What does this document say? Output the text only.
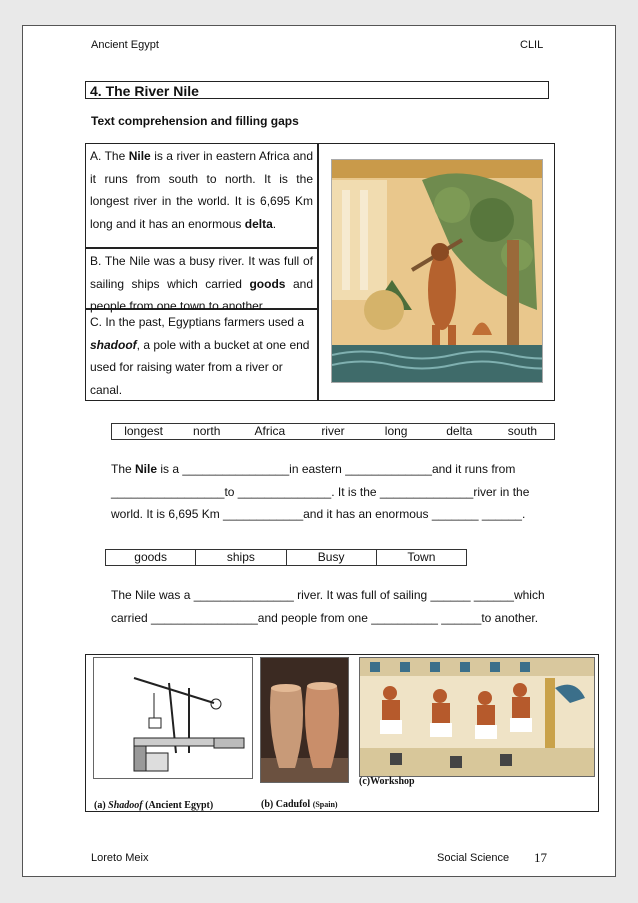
Ancient Egypt	CLIL
4. The River Nile
Text comprehension and filling gaps
A. The Nile is a river in eastern Africa and it runs from south to north. It is the longest river in the world. It is 6,695 Km long and it has an enormous delta.
B. The Nile was a busy river. It was full of sailing ships which carried goods and people from one town to another.
C. In the past, Egyptians farmers used a shadoof, a pole with a bucket at one end used for raising water from a river or canal.
longest	north	Africa	river	long	delta	south
The Nile is a ________________in eastern _____________and it runs from _________________to ______________. It is the ______________river in the world. It is 6,695 Km ____________and it has an enormous _______ ______.
goods	ships	Busy	Town
The Nile was a _______________ river. It was full of sailing ______ ______which carried ________________and people from one __________ ______to another.
(a) Shadoof (Ancient Egypt)	(b) Cadufol (Spain)
(c)Workshop
Loreto Meix	Social Science 17
